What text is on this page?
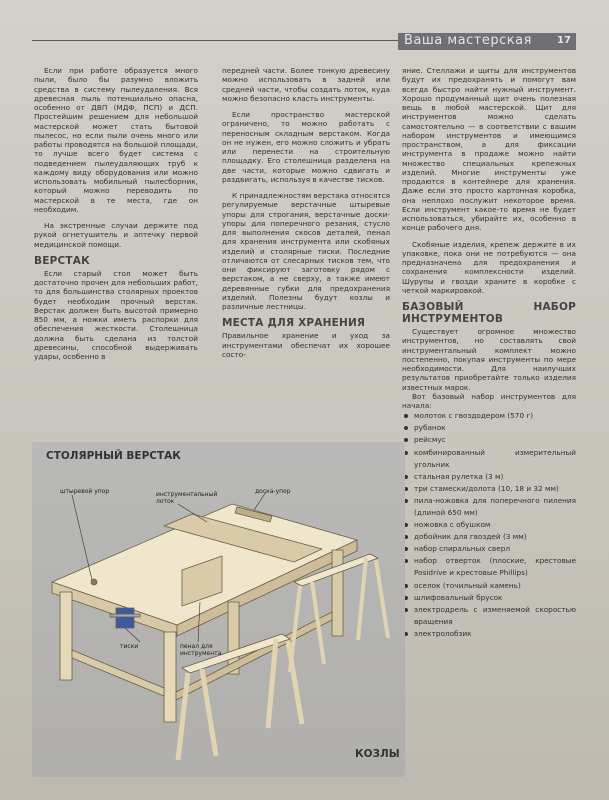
Ваша мастерская	17

Если при работе образуется много пыли, было бы разумно вложить средства в систему пылеудаления. Вся древесная пыль потенциально опасна, особенно от ДВП (МДФ, ПСП) и ДСП. Простейшим решением для небольшой мастерской может стать бытовой пылесос, но если пыли очень много или работы проводятся на большой площади, то лучше всего будет система с подведением пылеудаляющих труб к каждому виду оборудования или можно использовать мобильный пылесборник, который можно переводить по мастерской в те места, где он необходим.

На экстренные случаи держите под рукой огнетушитель и аптечку первой медицинской помощи.

ВЕРСТАК

Если старый стол может быть достаточно прочен для небольших работ, то для большинства столярных проектов будет необходим прочный верстак. Верстак должен быть высотой примерно 850 мм, а ножки иметь распорки для обеспечения жесткости. Столешница должна быть сделана из толстой древесины, способной выдерживать удары, особенно в

передней части. Более тонкую древесину можно использовать в задней или средней части, чтобы создать лоток, куда можно безопасно класть инструменты.

Если пространство мастерской ограничено, то можно работать с переносным складным верстаком. Когда он не нужен, его можно сложить и убрать или перенести на строительную площадку. Его столешница разделена на две части, которые можно сдвигать и раздвигать, используя в качестве тисков.

К принадлежностям верстака относятся регулируемые верстачные штыревые упоры для строгания, верстачные доски-упоры для поперечного резания, стусло для выполнения скосов деталей, пенал для хранения инструмента или скобяных изделий и столярные тиски. Последние отличаются от слесарных тисков тем, что они фиксируют заготовку рядом с верстаком, а не сверху, а также имеют деревянные губки для предохранения изделий. Полезны будут козлы и различные лестницы.

МЕСТА ДЛЯ ХРАНЕНИЯ

Правильное хранение и уход за инструментами обеспечат их хорошее состо-

яние. Стеллажи и щиты для инструментов будут их предохранять и помогут вам всегда быстро найти нужный инструмент. Хорошо продуманный щит очень полезная вещь в любой мастерской. Щит для инструментов можно сделать самостоятельно — в соответствии с вашим набором инструментов и имеющимся пространством, а для фиксации инструмента в продаже можно найти множество специальных крепежных изделий. Многие инструменты уже продаются в контейнере для хранения. Даже если это просто картонная коробка, она неплохо послужит некоторое время. Если инструмент какое-то время не будет использоваться, убирайте их, особенно в конце рабочего дня.

Скобяные изделия, крепеж держите в их упаковке, пока они не потребуются — она предназначена для предохранения и сохранения комплексности изделий. Шурупы и гвозди храните в коробке с четкой маркировкой.

БАЗОВЫЙ НАБОР ИНСТРУМЕНТОВ

Существует огромное множество инструментов, но составлять свой инструментальный комплект можно постепенно, покупая инструменты по мере необходимости. Для наилучших результатов приобретайте только изделия известных марок.

Вот базовый набор инструментов для начала:

молоток с гвоздодером (570 г)
рубанок
рейсмус
комбинированный измерительный угольник
стальная рулетка (3 м)
три стамески/долота (10, 18 и 32 мм)
пила-ножовка для поперечного пиления (длиной 650 мм)
ножовка с обушком
добойник для гвоздей (3 мм)
набор спиральных сверл
набор отверток (плоские, крестовые Posidrive и крестовые Phillips)
оселок (точильный камень)
шлифовальный брусок
электродрель с изменяемой скоростью вращения
электролобзик
СТОЛЯРНЫЙ ВЕРСТАК
штыревой упор	инструментальный лоток
доска-упор
тиски	пенал для инструмента
КОЗЛЫ
